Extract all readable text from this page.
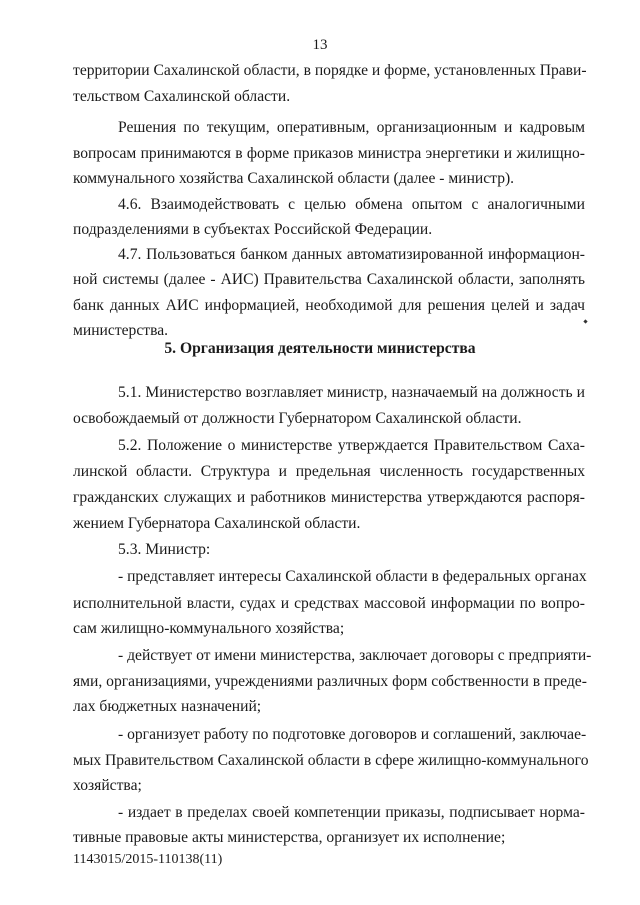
13
территории Сахалинской области, в порядке и форме, установленных Прави-
тельством Сахалинской области.
Решения по текущим, оперативным, организационным и кадровым
вопросам принимаются в форме приказов министра энергетики и жилищно-
коммунального хозяйства Сахалинской области (далее - министр).
4.6. Взаимодействовать с целью обмена опытом с аналогичными
подразделениями в субъектах Российской Федерации.
4.7. Пользоваться банком данных автоматизированной информацион-
ной системы (далее - АИС) Правительства Сахалинской области, заполнять
банк данных АИС информацией, необходимой для решения целей и задач
министерства.
5. Организация деятельности министерства
5.1. Министерство возглавляет министр, назначаемый на должность и
освобождаемый от должности Губернатором Сахалинской области.
5.2. Положение о министерстве утверждается Правительством Саха-
линской области. Структура и предельная численность государственных
гражданских служащих и работников министерства утверждаются распоря-
жением Губернатора Сахалинской области.
5.3. Министр:
- представляет интересы Сахалинской области в федеральных органах
исполнительной власти, судах и средствах массовой информации по вопро-
сам жилищно-коммунального хозяйства;
- действует от имени министерства, заключает договоры с предприяти-
ями, организациями, учреждениями различных форм собственности в преде-
лах бюджетных назначений;
- организует работу по подготовке договоров и соглашений, заключае-
мых Правительством Сахалинской области в сфере жилищно-коммунального
хозяйства;
- издает в пределах своей компетенции приказы, подписывает норма-
тивные правовые акты министерства, организует их исполнение;
1143015/2015-110138(11)
